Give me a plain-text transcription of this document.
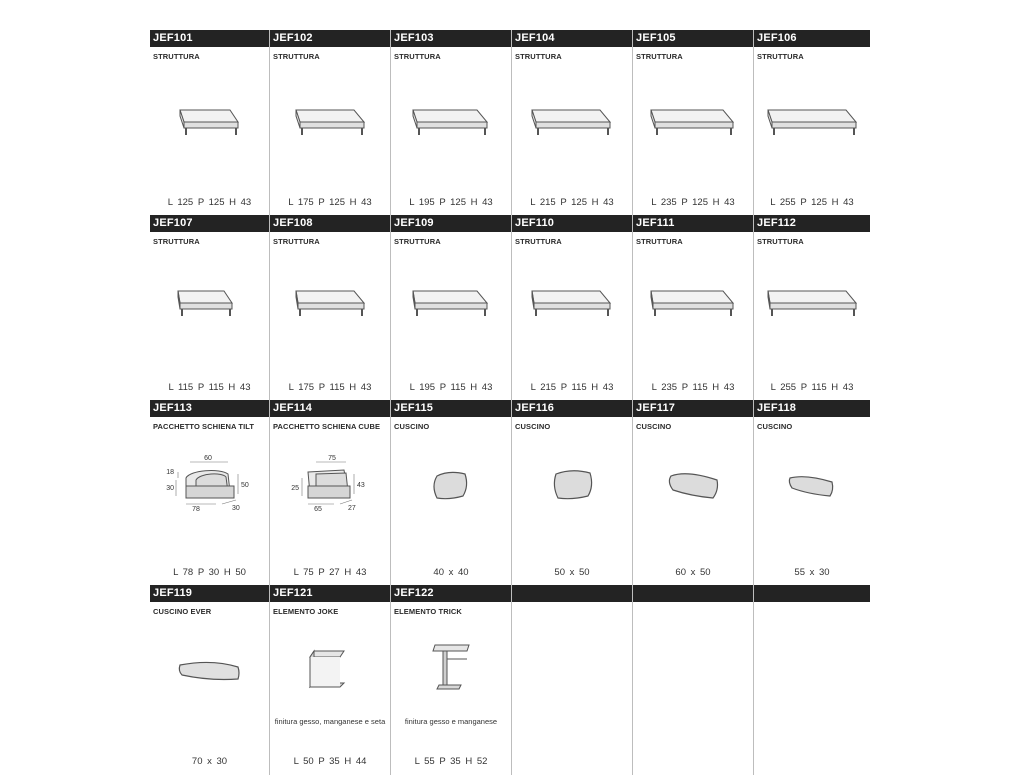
JEF101
STRUTTURA
L 125 P 125 H 43
JEF102
STRUTTURA
L 175 P 125 H 43
JEF103
STRUTTURA
L 195 P 125 H 43
JEF104
STRUTTURA
L 215 P 125 H 43
JEF105
STRUTTURA
L 235 P 125 H 43
JEF106
STRUTTURA
L 255 P 125 H 43
JEF107
STRUTTURA
L 115 P 115 H 43
JEF108
STRUTTURA
L 175 P 115 H 43
JEF109
STRUTTURA
L 195 P 115 H 43
JEF110
STRUTTURA
L 215 P 115 H 43
JEF111
STRUTTURA
L 235 P 115 H 43
JEF112
STRUTTURA
L 255 P 115 H 43
JEF113
PACCHETTO SCHIENA TILT
60
18
30	50
78	30
L 78 P 30 H 50
JEF114
PACCHETTO SCHIENA CUBE
75
25	43
65	27
L 75 P 27 H 43
JEF115
CUSCINO
40 x 40
JEF116
CUSCINO
50 x 50
JEF117
CUSCINO
60 x 50
JEF118
CUSCINO
55 x 30
JEF119
CUSCINO EVER
70 x 30
JEF121
ELEMENTO JOKE
finitura gesso, manganese e seta
L 50 P 35 H 44
JEF122
ELEMENTO TRICK
finitura gesso e manganese
L 55 P 35 H 52
